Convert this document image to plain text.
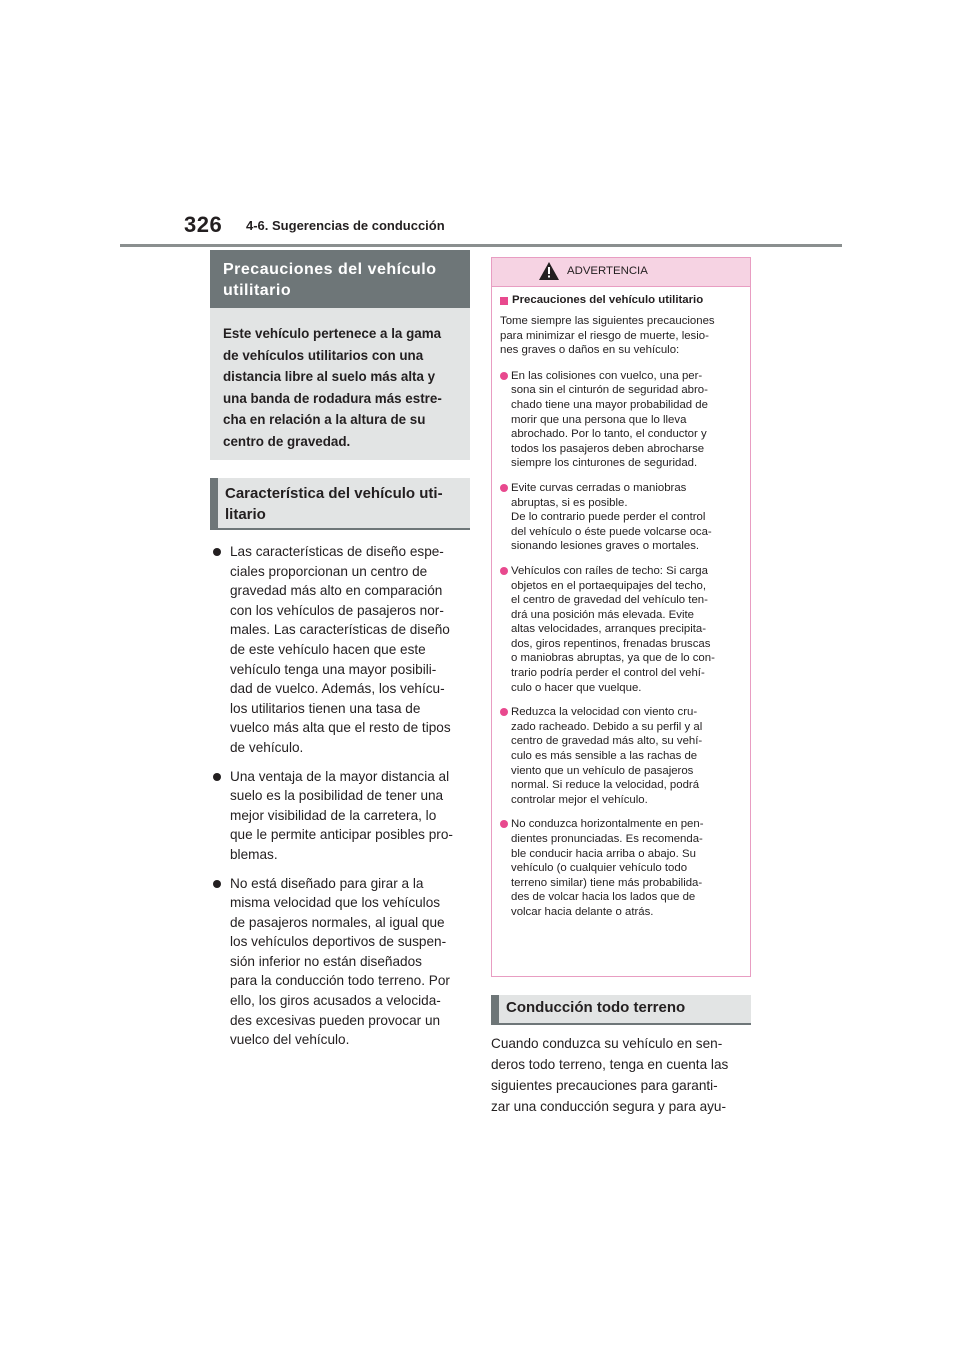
326 4-6. Sugerencias de conducción
Precauciones del vehículo utilitario
Este vehículo pertenece a la gama
de vehículos utilitarios con una
distancia libre al suelo más alta y
una banda de rodadura más estre-
cha en relación a la altura de su
centro de gravedad.
Característica del vehículo uti-
litario
Las características de diseño espe-
ciales proporcionan un centro de
gravedad más alto en comparación
con los vehículos de pasajeros nor-
males. Las características de diseño
de este vehículo hacen que este
vehículo tenga una mayor posibili-
dad de vuelco. Además, los vehícu-
los utilitarios tienen una tasa de
vuelco más alta que el resto de tipos
de vehículo.
Una ventaja de la mayor distancia al
suelo es la posibilidad de tener una
mejor visibilidad de la carretera, lo
que le permite anticipar posibles pro-
blemas.
No está diseñado para girar a la
misma velocidad que los vehículos
de pasajeros normales, al igual que
los vehículos deportivos de suspen-
sión inferior no están diseñados
para la conducción todo terreno. Por
ello, los giros acusados a velocida-
des excesivas pueden provocar un
vuelco del vehículo.
ADVERTENCIA
Precauciones del vehículo utilitario
Tome siempre las siguientes precauciones
para minimizar el riesgo de muerte, lesio-
nes graves o daños en su vehículo:
En las colisiones con vuelco, una per-
sona sin el cinturón de seguridad abro-
chado tiene una mayor probabilidad de
morir que una persona que lo lleva
abrochado. Por lo tanto, el conductor y
todos los pasajeros deben abrocharse
siempre los cinturones de seguridad.
Evite curvas cerradas o maniobras
abruptas, si es posible.
De lo contrario puede perder el control
del vehículo o éste puede volcarse oca-
sionando lesiones graves o mortales.
Vehículos con raíles de techo: Si carga
objetos en el portaequipajes del techo,
el centro de gravedad del vehículo ten-
drá una posición más elevada. Evite
altas velocidades, arranques precipita-
dos, giros repentinos, frenadas bruscas
o maniobras abruptas, ya que de lo con-
trario podría perder el control del vehí-
culo o hacer que vuelque.
Reduzca la velocidad con viento cru-
zado racheado. Debido a su perfil y al
centro de gravedad más alto, su vehí-
culo es más sensible a las rachas de
viento que un vehículo de pasajeros
normal. Si reduce la velocidad, podrá
controlar mejor el vehículo.
No conduzca horizontalmente en pen-
dientes pronunciadas. Es recomenda-
ble conducir hacia arriba o abajo. Su
vehículo (o cualquier vehículo todo
terreno similar) tiene más probabilida-
des de volcar hacia los lados que de
volcar hacia delante o atrás.
Conducción todo terreno
Cuando conduzca su vehículo en sen-
deros todo terreno, tenga en cuenta las
siguientes precauciones para garanti-
zar una conducción segura y para ayu-
